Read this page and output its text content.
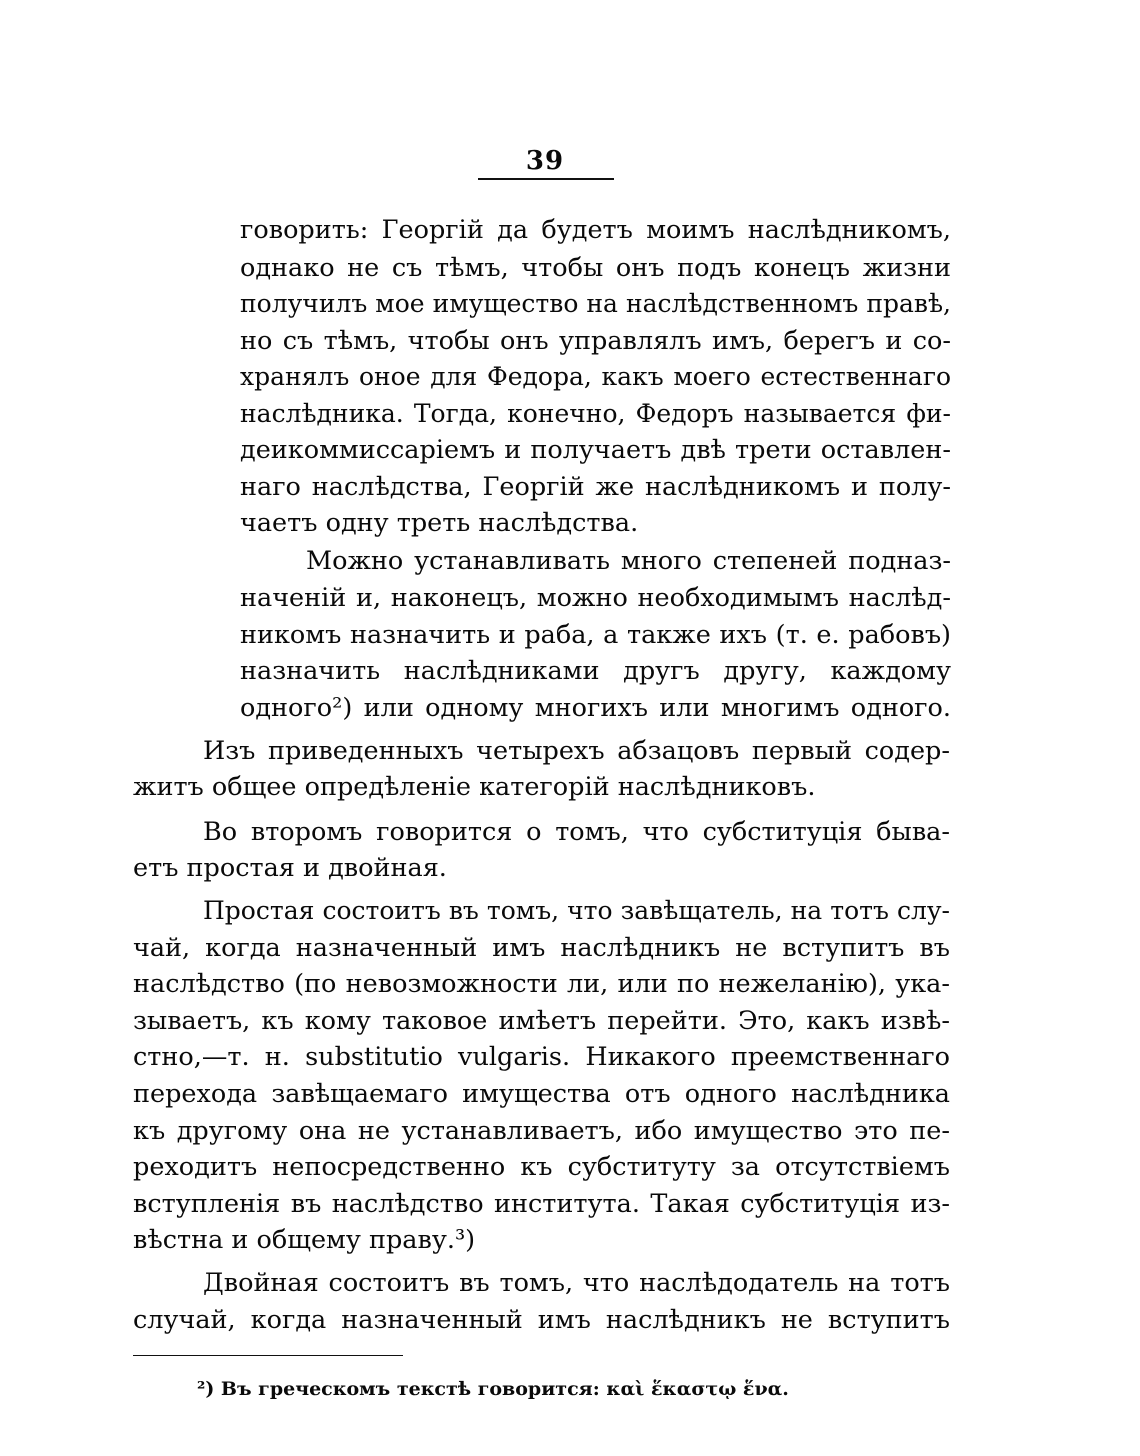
39
говорить: Георгій да будетъ моимъ наслѣдникомъ,
однако не съ тѣмъ, чтобы онъ подъ конецъ жизни
получилъ мое имущество на наслѣдственномъ правѣ,
но съ тѣмъ, чтобы онъ управлялъ имъ, берегъ и со-
хранялъ оное для Федора, какъ моего естественнаго
наслѣдника. Тогда, конечно, Федоръ называется фи-
деикоммиссаріемъ и получаетъ двѣ трети оставлен-
наго наслѣдства, Георгій же наслѣдникомъ и полу-
чаетъ одну треть наслѣдства.
Можно устанавливать много степеней подназ-
наченій и, наконецъ, можно необходимымъ наслѣд-
никомъ назначить и раба, а также ихъ (т. е. рабовъ)
назначить наслѣдниками другъ другу, каждому
одного²) или одному многихъ или многимъ одного.
Изъ приведенныхъ четырехъ абзацовъ первый содер-
житъ общее опредѣленіе категорій наслѣдниковъ.
Во второмъ говорится о томъ, что субституція быва-
етъ простая и двойная.
Простая состоитъ въ томъ, что завѣщатель, на тотъ слу-
чай, когда назначенный имъ наслѣдникъ не вступитъ въ
наслѣдство (по невозможности ли, или по нежеланію), ука-
зываетъ, къ кому таковое имѣетъ перейти. Это, какъ извѣ-
стно,—т. н. substitutio vulgaris. Никакого преемственнаго
перехода завѣщаемаго имущества отъ одного наслѣдника
къ другому она не устанавливаетъ, ибо имущество это пе-
реходитъ непосредственно къ субституту за отсутствіемъ
вступленія въ наслѣдство института. Такая субституція из-
вѣстна и общему праву.³)
Двойная состоитъ въ томъ, что наслѣдодатель на тотъ
случай, когда назначенный имъ наслѣдникъ не вступитъ
²) Въ греческомъ текстѣ говорится: καὶ ἕκαστῳ ἕνα.
